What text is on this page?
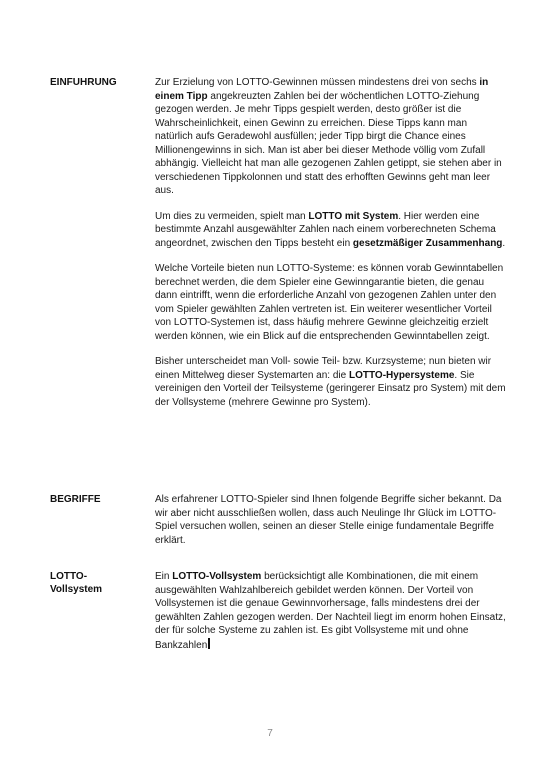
EINFUHRUNG	Zur Erzielung von LOTTO-Gewinnen müssen mindestens drei von sechs in einem Tipp angekreuzten Zahlen bei der wöchentlichen LOTTO-Ziehung gezogen werden. Je mehr Tipps gespielt werden, desto größer ist die Wahrscheinlichkeit, einen Gewinn zu erreichen. Diese Tipps kann man natürlich aufs Geradewohl ausfüllen; jeder Tipp birgt die Chance eines Millionengewinns in sich. Man ist aber bei dieser Methode völlig vom Zufall abhängig. Vielleicht hat man alle gezogenen Zahlen getippt, sie stehen aber in verschiedenen Tippkolonnen und statt des erhofften Gewinns geht man leer aus.

Um dies zu vermeiden, spielt man LOTTO mit System. Hier werden eine bestimmte Anzahl ausgewählter Zahlen nach einem vorberechneten Schema angeordnet, zwischen den Tipps besteht ein gesetzmäßiger Zusammenhang.

Welche Vorteile bieten nun LOTTO-Systeme: es können vorab Gewinntabellen berechnet werden, die dem Spieler eine Gewinngarantie bieten, die genau dann eintrifft, wenn die erforderliche Anzahl von gezogenen Zahlen unter den vom Spieler gewählten Zahlen vertreten ist. Ein weiterer wesentlicher Vorteil von LOTTO-Systemen ist, dass häufig mehrere Gewinne gleichzeitig erzielt werden können, wie ein Blick auf die entsprechenden Gewinntabellen zeigt.

Bisher unterscheidet man Voll- sowie Teil- bzw. Kurzsysteme; nun bieten wir einen Mittelweg dieser Systemarten an: die LOTTO-Hypersysteme. Sie vereinigen den Vorteil der Teilsysteme (geringerer Einsatz pro System) mit dem der Vollsysteme (mehrere Gewinne pro System).

BEGRIFFE	Als erfahrener LOTTO-Spieler sind Ihnen folgende Begriffe sicher bekannt. Da wir aber nicht ausschließen wollen, dass auch Neulinge Ihr Glück im LOTTO-Spiel versuchen wollen, seinen an dieser Stelle einige fundamentale Begriffe erklärt.

LOTTO-Vollsystem

Ein LOTTO-Vollsystem berücksichtigt alle Kombinationen, die mit einem ausgewählten Wahlzahlbereich gebildet werden können. Der Vorteil von Vollsystemen ist die genaue Gewinnvorhersage, falls mindestens drei der gewählten Zahlen gezogen werden. Der Nachteil liegt im enorm hohen Einsatz, der für solche Systeme zu zahlen ist. Es gibt Vollsysteme mit und ohne Bankzahlen

7
